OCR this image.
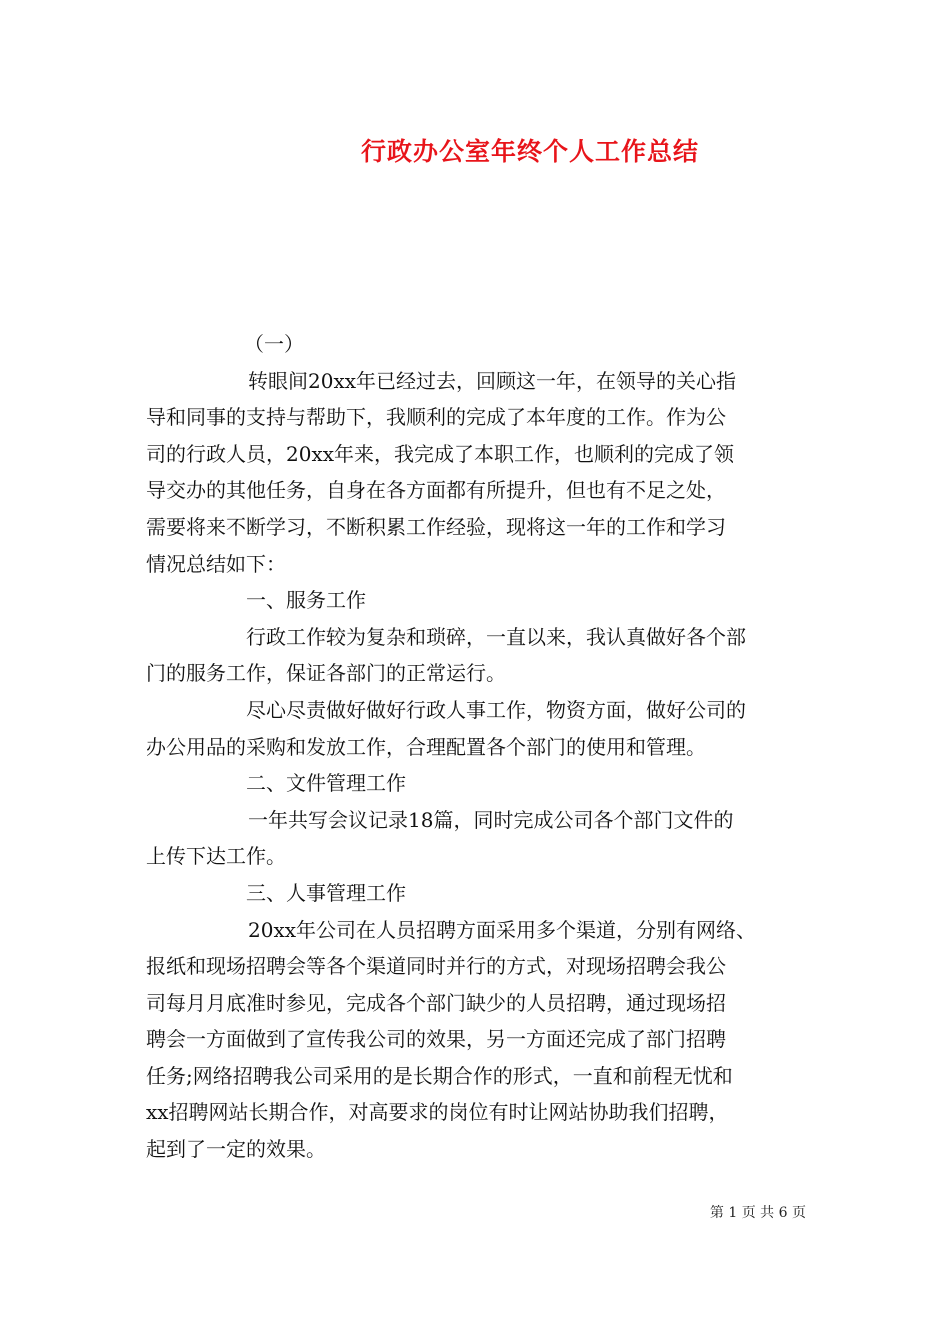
行政办公室年终个人工作总结
（一）
转眼间20xx年已经过去，回顾这一年，在领导的关心指
导和同事的支持与帮助下，我顺利的完成了本年度的工作。作为公
司的行政人员，20xx年来，我完成了本职工作，也顺利的完成了领
导交办的其他任务，自身在各方面都有所提升，但也有不足之处，
需要将来不断学习，不断积累工作经验，现将这一年的工作和学习
情况总结如下：
一、服务工作
行政工作较为复杂和琐碎，一直以来，我认真做好各个部
门的服务工作，保证各部门的正常运行。
尽心尽责做好做好行政人事工作，物资方面，做好公司的
办公用品的采购和发放工作，合理配置各个部门的使用和管理。
二、文件管理工作
一年共写会议记录18篇，同时完成公司各个部门文件的
上传下达工作。
三、人事管理工作
20xx年公司在人员招聘方面采用多个渠道，分别有网络、
报纸和现场招聘会等各个渠道同时并行的方式，对现场招聘会我公
司每月月底准时参见，完成各个部门缺少的人员招聘，通过现场招
聘会一方面做到了宣传我公司的效果，另一方面还完成了部门招聘
任务;网络招聘我公司采用的是长期合作的形式，一直和前程无忧和
xx招聘网站长期合作，对高要求的岗位有时让网站协助我们招聘，
起到了一定的效果。
第 1 页 共 6 页
